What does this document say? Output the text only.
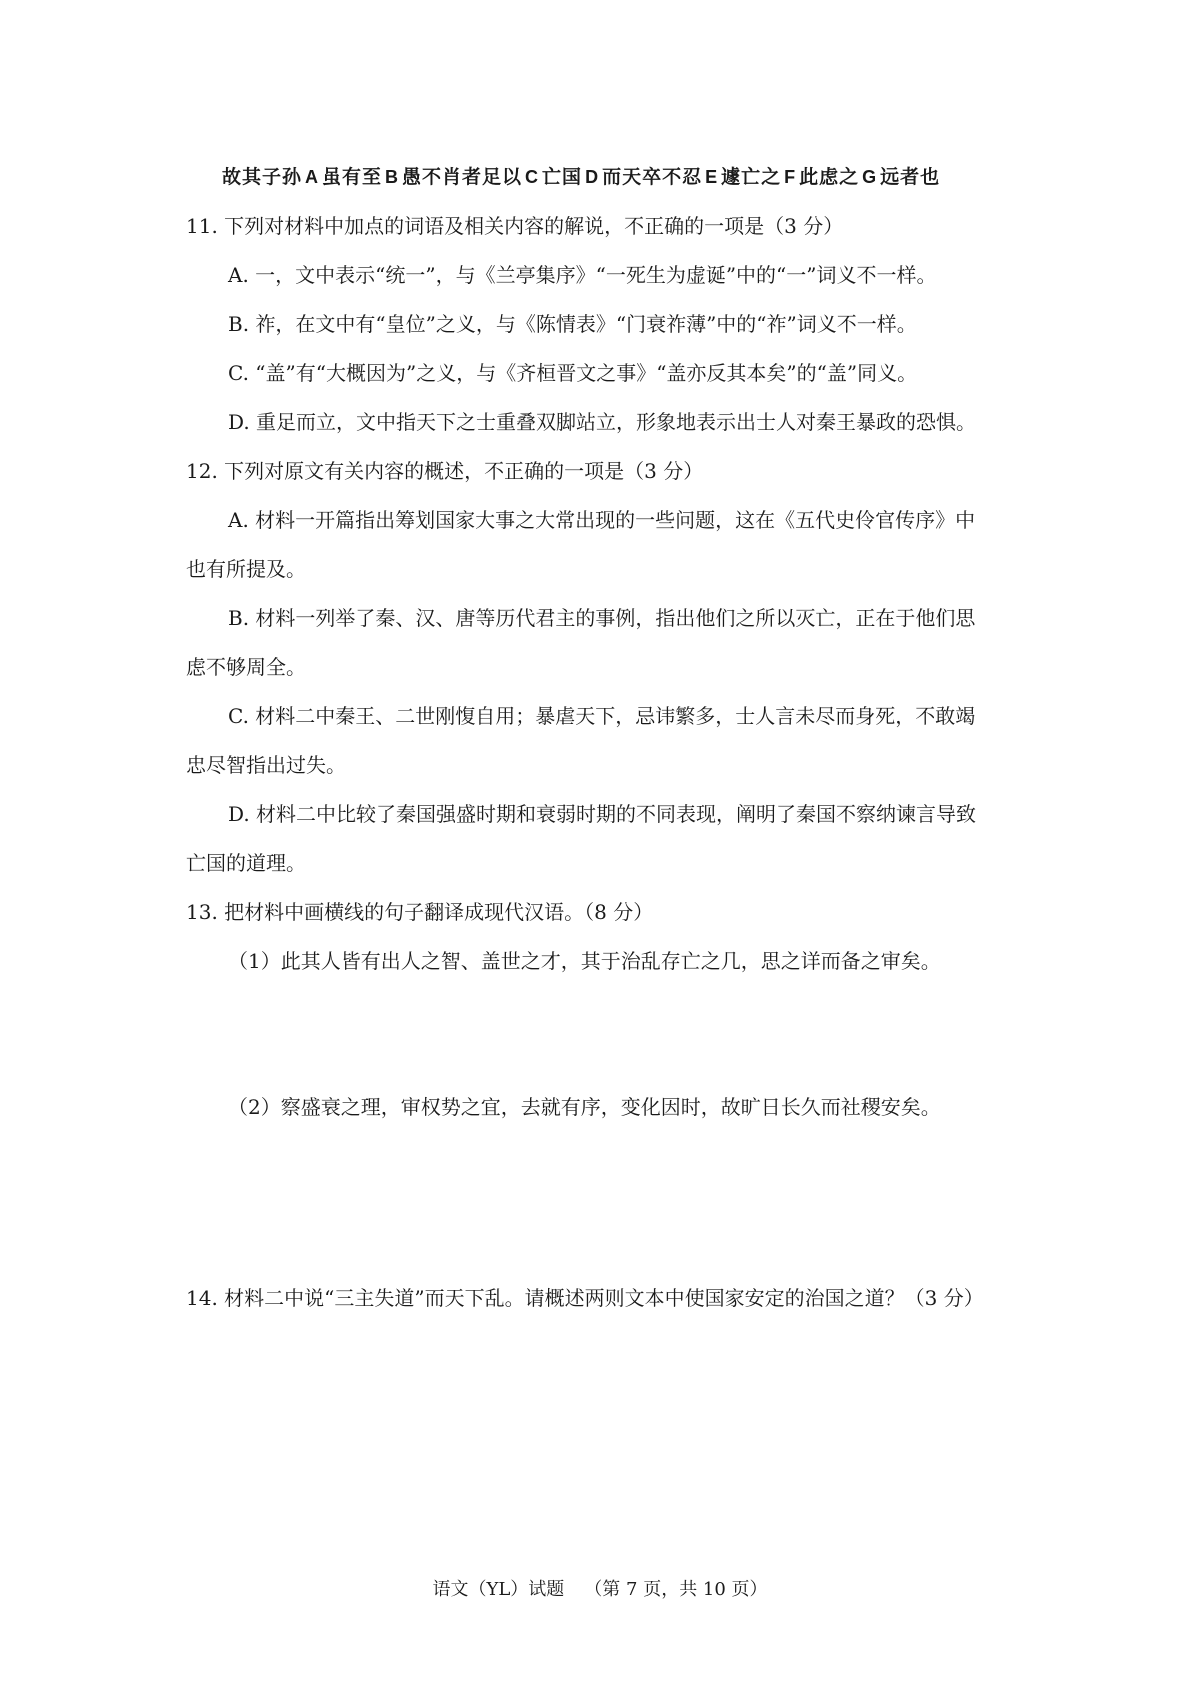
故其子孙 A 虽有至 B 愚不肖者足以 C 亡国 D 而天卒不忍 E 遽亡之 F 此虑之 G 远者也
11. 下列对材料中加点的词语及相关内容的解说，不正确的一项是（3 分）
A. 一，文中表示“统一”，与《兰亭集序》“一死生为虚诞”中的“一”词义不一样。
B. 祚，在文中有“皇位”之义，与《陈情表》“门衰祚薄”中的“祚”词义不一样。
C. “盖”有“大概因为”之义，与《齐桓晋文之事》“盖亦反其本矣”的“盖”同义。
D. 重足而立，文中指天下之士重叠双脚站立，形象地表示出士人对秦王暴政的恐惧。
12. 下列对原文有关内容的概述，不正确的一项是（3 分）
A. 材料一开篇指出筹划国家大事之大常出现的一些问题，这在《五代史伶官传序》中
也有所提及。
B. 材料一列举了秦、汉、唐等历代君主的事例，指出他们之所以灭亡，正在于他们思
虑不够周全。
C. 材料二中秦王、二世刚愎自用；暴虐天下，忌讳繁多，士人言未尽而身死，不敢竭
忠尽智指出过失。
D. 材料二中比较了秦国强盛时期和衰弱时期的不同表现，阐明了秦国不察纳谏言导致
亡国的道理。
13. 把材料中画横线的句子翻译成现代汉语。（8 分）
（1）此其人皆有出人之智、盖世之才，其于治乱存亡之几，思之详而备之审矣。
（2）察盛衰之理，审权势之宜，去就有序，变化因时，故旷日长久而社稷安矣。
14. 材料二中说“三主失道”而天下乱。请概述两则文本中使国家安定的治国之道？（3 分）
语文（YL）试题 （第 7 页，共 10 页）
